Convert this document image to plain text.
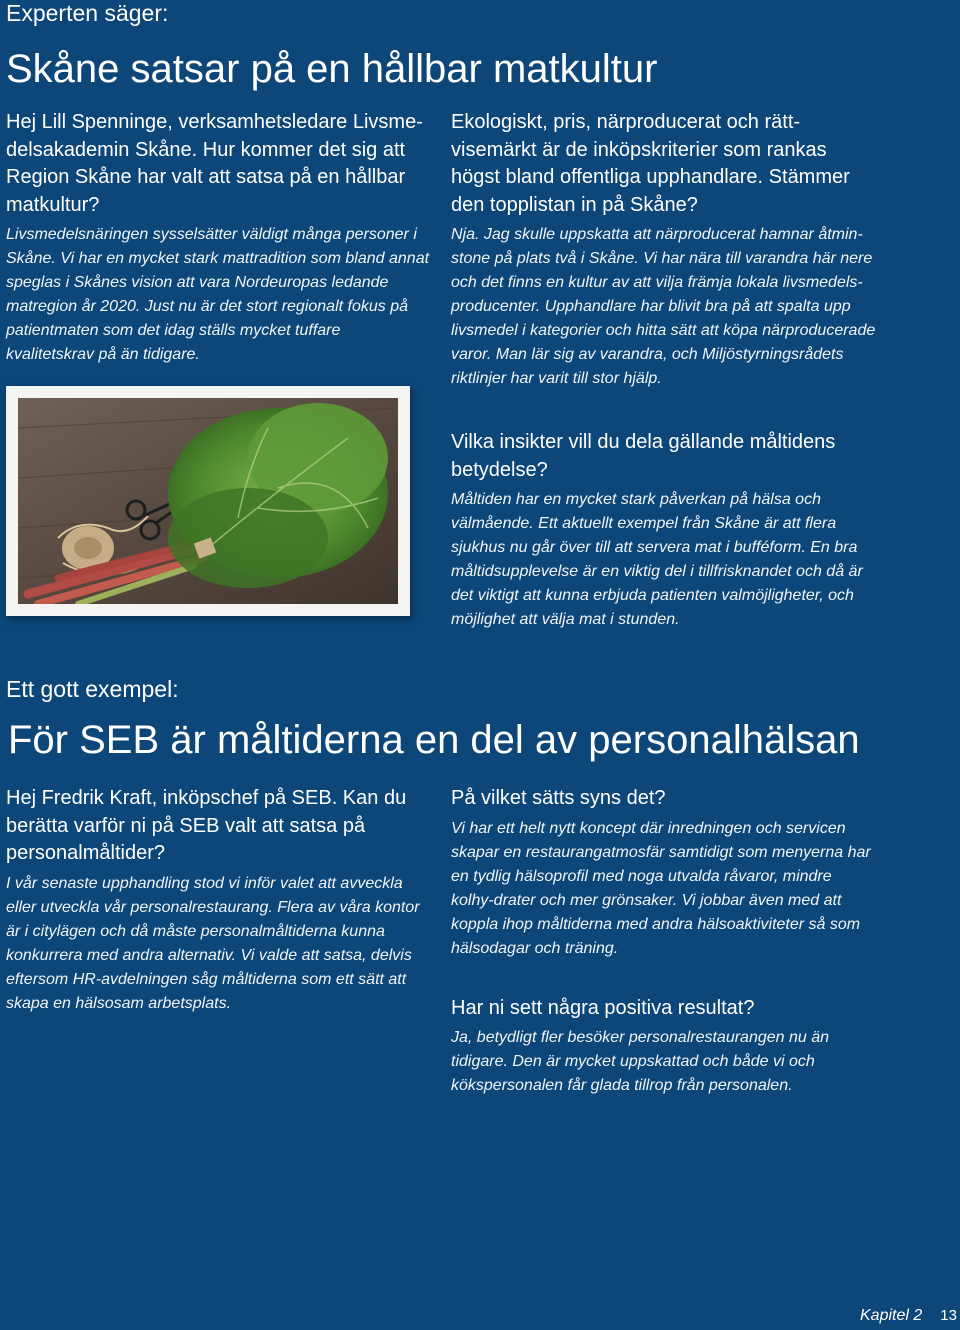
Experten säger:
Skåne satsar på en hållbar matkultur

Hej Lill Spenninge, verksamhetsledare Livsme-delsakademin Skåne. Hur kommer det sig att Region Skåne har valt att satsa på en hållbar matkultur?

Livsmedelsnäringen sysselsätter väldigt många personer i Skåne. Vi har en mycket stark mattradition som bland annat speglas i Skånes vision att vara Nordeuropas ledande matregion år 2020. Just nu är det stort regionalt fokus på patientmaten som det idag ställs mycket tuffare kvalitetskrav på än tidigare.

Ekologiskt, pris, närproducerat och rätt-visemärkt är de inköpskriterier som rankas högst bland offentliga upphandlare. Stämmer den topplistan in på Skåne?

Nja. Jag skulle uppskatta att närproducerat hamnar åtmin-stone på plats två i Skåne. Vi har nära till varandra här nere och det finns en kultur av att vilja främja lokala livsmedels-producenter. Upphandlare har blivit bra på att spalta upp livsmedel i kategorier och hitta sätt att köpa närproducerade varor. Man lär sig av varandra, och Miljöstyrningsrådets riktlinjer har varit till stor hjälp.

Vilka insikter vill du dela gällande måltidens betydelse?

Måltiden har en mycket stark påverkan på hälsa och välmående. Ett aktuellt exempel från Skåne är att flera sjukhus nu går över till att servera mat i bufféform. En bra måltidsupplevelse är en viktig del i tillfrisknandet och då är det viktigt att kunna erbjuda patienten valmöjligheter, och möjlighet att välja mat i stunden.

Ett gott exempel:
För SEB är måltiderna en del av personalhälsan

Hej Fredrik Kraft, inköpschef på SEB. Kan du berätta varför ni på SEB valt att satsa på personalmåltider?

I vår senaste upphandling stod vi inför valet att avveckla eller utveckla vår personalrestaurang. Flera av våra kontor är i citylägen och då måste personalmåltiderna kunna konkurrera med andra alternativ. Vi valde att satsa, delvis eftersom HR-avdelningen såg måltiderna som ett sätt att skapa en hälsosam arbetsplats.

På vilket sätts syns det?

Vi har ett helt nytt koncept där inredningen och servicen skapar en restaurangatmosfär samtidigt som menyerna har en tydlig hälsoprofil med noga utvalda råvaror, mindre kolhy-drater och mer grönsaker. Vi jobbar även med att koppla ihop måltiderna med andra hälsoaktiviteter så som hälsodagar och träning.

Har ni sett några positiva resultat?

Ja, betydligt fler besöker personalrestaurangen nu än tidigare. Den är mycket uppskattad och både vi och kökspersonalen får glada tillrop från personalen.

Kapitel 2 13
